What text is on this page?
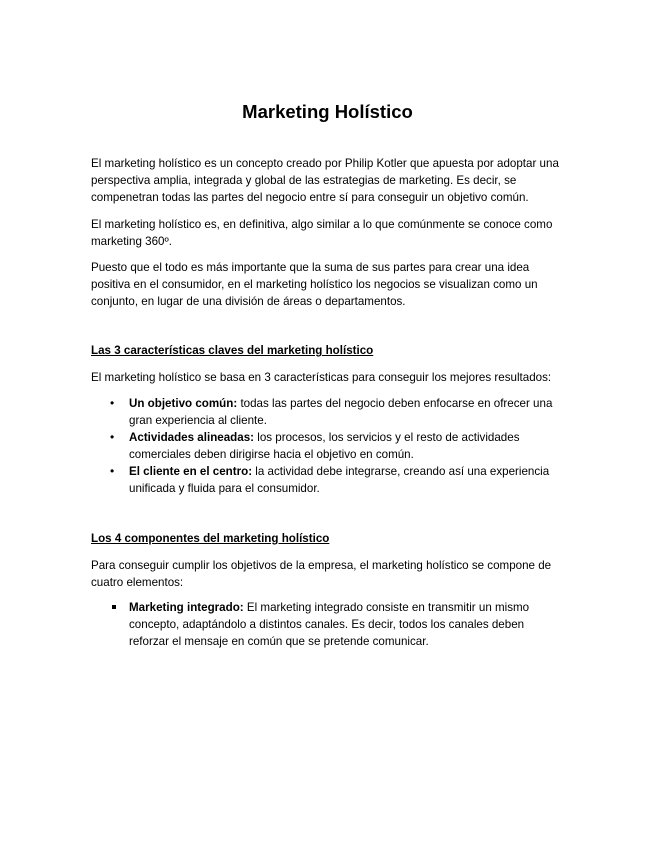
Marketing Holístico

El marketing holístico es un concepto creado por Philip Kotler que apuesta por adoptar una perspectiva amplia, integrada y global de las estrategias de marketing. Es decir, se compenetran todas las partes del negocio entre sí para conseguir un objetivo común.

El marketing holístico es, en definitiva, algo similar a lo que comúnmente se conoce como marketing 360º.

Puesto que el todo es más importante que la suma de sus partes para crear una idea positiva en el consumidor, en el marketing holístico los negocios se visualizan como un conjunto, en lugar de una división de áreas o departamentos.

Las 3 características claves del marketing holístico

El marketing holístico se basa en 3 características para conseguir los mejores resultados:

• Un objetivo común: todas las partes del negocio deben enfocarse en ofrecer una gran experiencia al cliente.
• Actividades alineadas: los procesos, los servicios y el resto de actividades comerciales deben dirigirse hacia el objetivo en común.
• El cliente en el centro: la actividad debe integrarse, creando así una experiencia unificada y fluida para el consumidor.

Los 4 componentes del marketing holístico

Para conseguir cumplir los objetivos de la empresa, el marketing holístico se compone de cuatro elementos:

Marketing integrado: El marketing integrado consiste en transmitir un mismo concepto, adaptándolo a distintos canales. Es decir, todos los canales deben reforzar el mensaje en común que se pretende comunicar.
